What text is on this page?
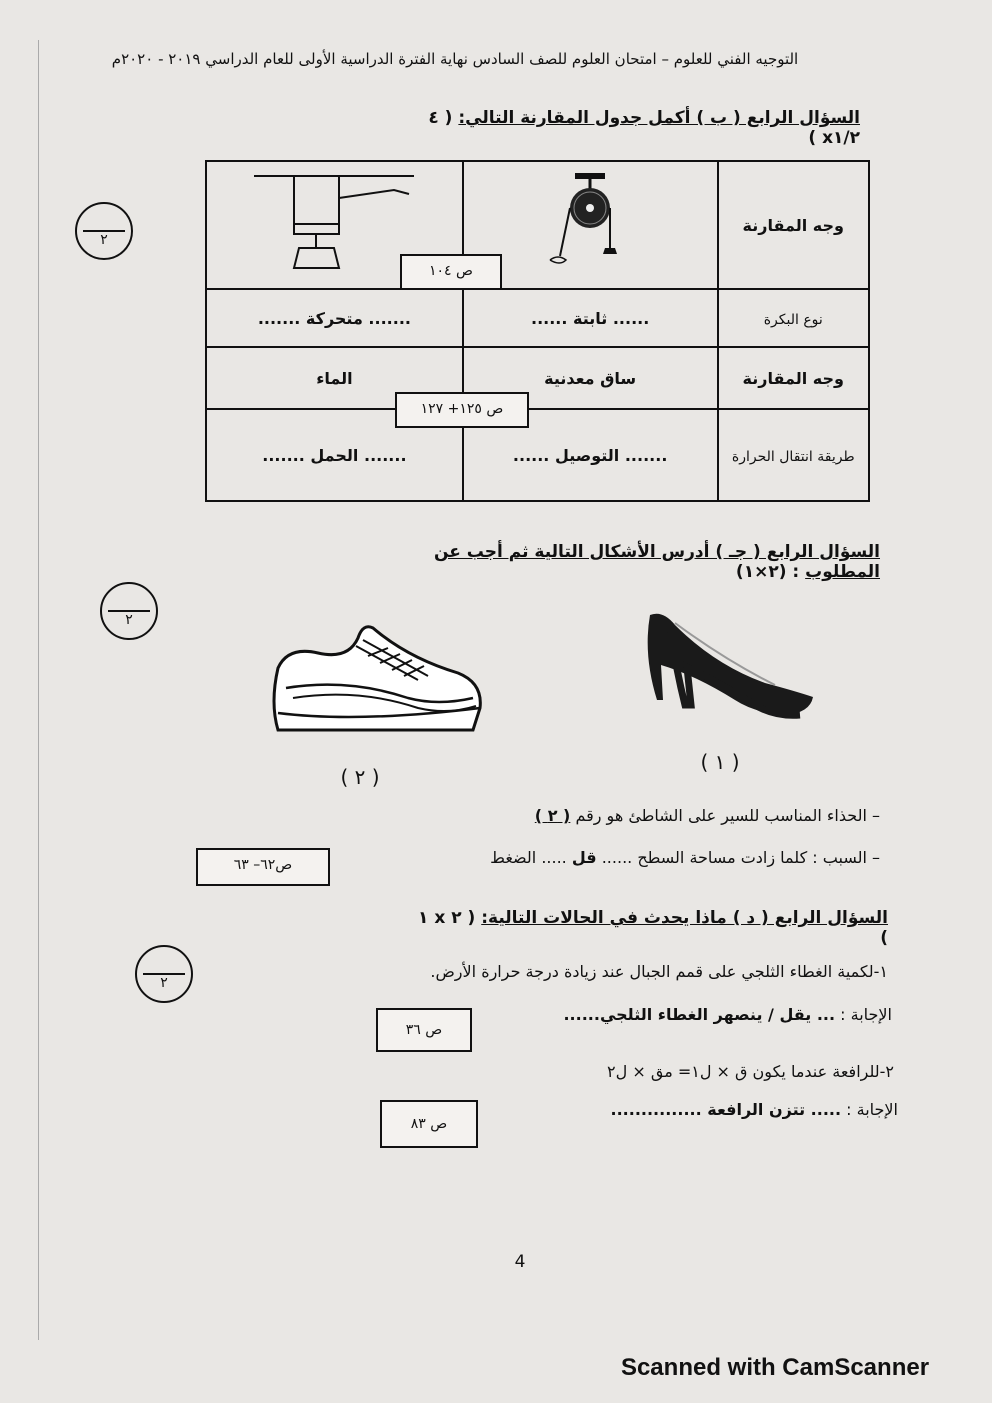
التوجيه الفني للعلوم – امتحان العلوم للصف السادس نهاية الفترة الدراسية الأولى للعام الدراسي ٢٠١٩ - ٢٠٢٠م
السؤال الرابع ( ب ) أكمل جدول المقارنة التالي: ( ٤ x١/٢ )
٢
وجه المقارنة		
نوع البكرة	...... ثابتة ......	....... متحركة .......
وجه المقارنة	ساق معدنية	الماء
طريقة انتقال الحرارة	....... التوصيل ......	....... الحمل .......
ص ١٠٤
ص ١٢٥+ ١٢٧
السؤال الرابع ( جـ ) أدرس الأشكال التالية ثم أجب عن المطلوب : (٢×١)
٢
( ١ )
( ٢ )
– الحذاء المناسب للسير على الشاطئ هو رقم ( ٢ )
– السبب : كلما زادت مساحة السطح ...... قل ..... الضغط
ص٦٢– ٦٣
السؤال الرابع ( د ) ماذا يحدث في الحالات التالية: ( ٢ x ١ )
٢
١-لكمية الغطاء الثلجي على قمم الجبال عند زيادة درجة حرارة الأرض.
الإجابة : ... يقل / ينصهر الغطاء الثلجي......
ص ٣٦
٢-للرافعة عندما يكون ق × ل١= مق × ل٢
الإجابة : ..... تتزن الرافعة ...............
ص ٨٣
4
Scanned with CamScanner
